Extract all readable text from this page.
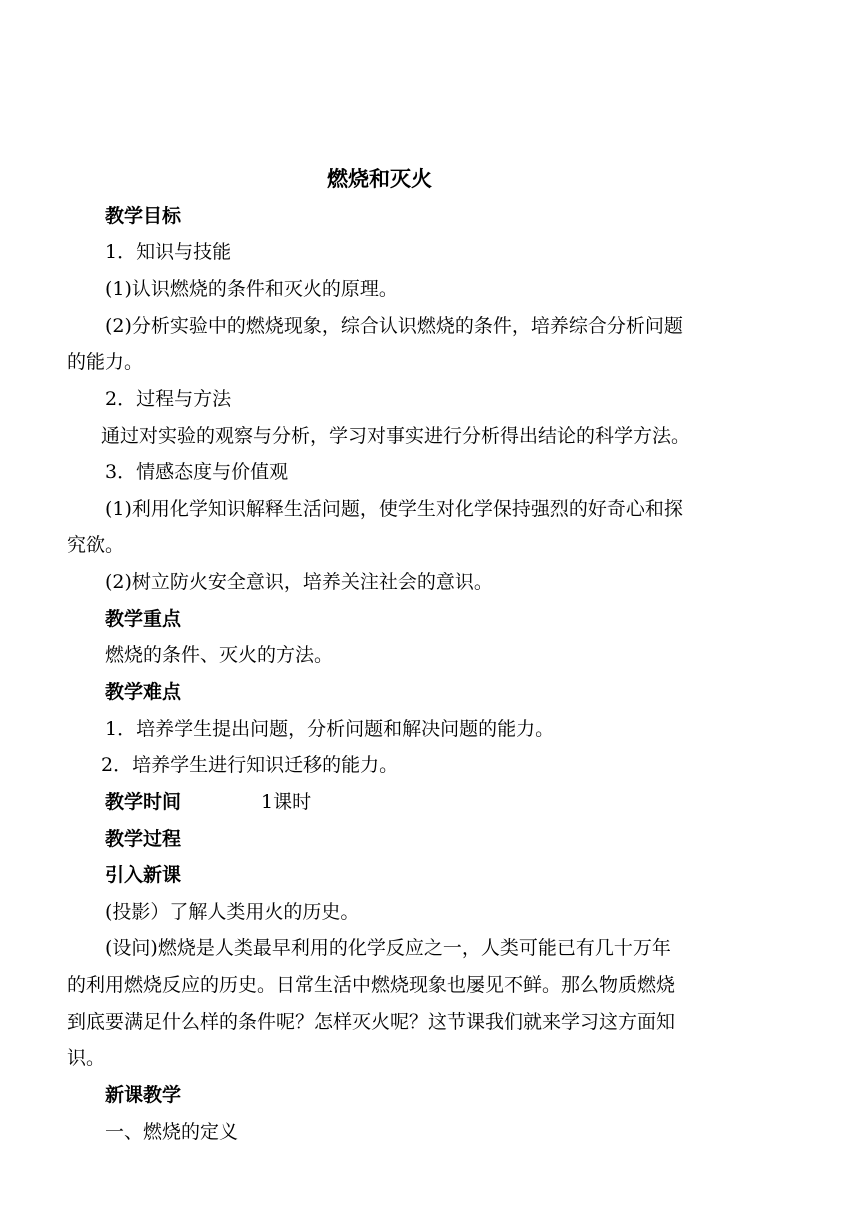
燃烧和灭火
教学目标
1．知识与技能
(1)认识燃烧的条件和灭火的原理。
(2)分析实验中的燃烧现象，综合认识燃烧的条件，培养综合分析问题
的能力。
2．过程与方法
通过对实验的观察与分析，学习对事实进行分析得出结论的科学方法。
3．情感态度与价值观
(1)利用化学知识解释生活问题，使学生对化学保持强烈的好奇心和探
究欲。
(2)树立防火安全意识，培养关注社会的意识。
教学重点
燃烧的条件、灭火的方法。
教学难点
1．培养学生提出问题，分析问题和解决问题的能力。
2．培养学生进行知识迁移的能力。
教学时间	1课时
教学过程
引入新课
(投影）了解人类用火的历史。
(设问)燃烧是人类最早利用的化学反应之一，人类可能已有几十万年
的利用燃烧反应的历史。日常生活中燃烧现象也屡见不鲜。那么物质燃烧
到底要满足什么样的条件呢？怎样灭火呢？这节课我们就来学习这方面知
识。
新课教学
一、燃烧的定义
